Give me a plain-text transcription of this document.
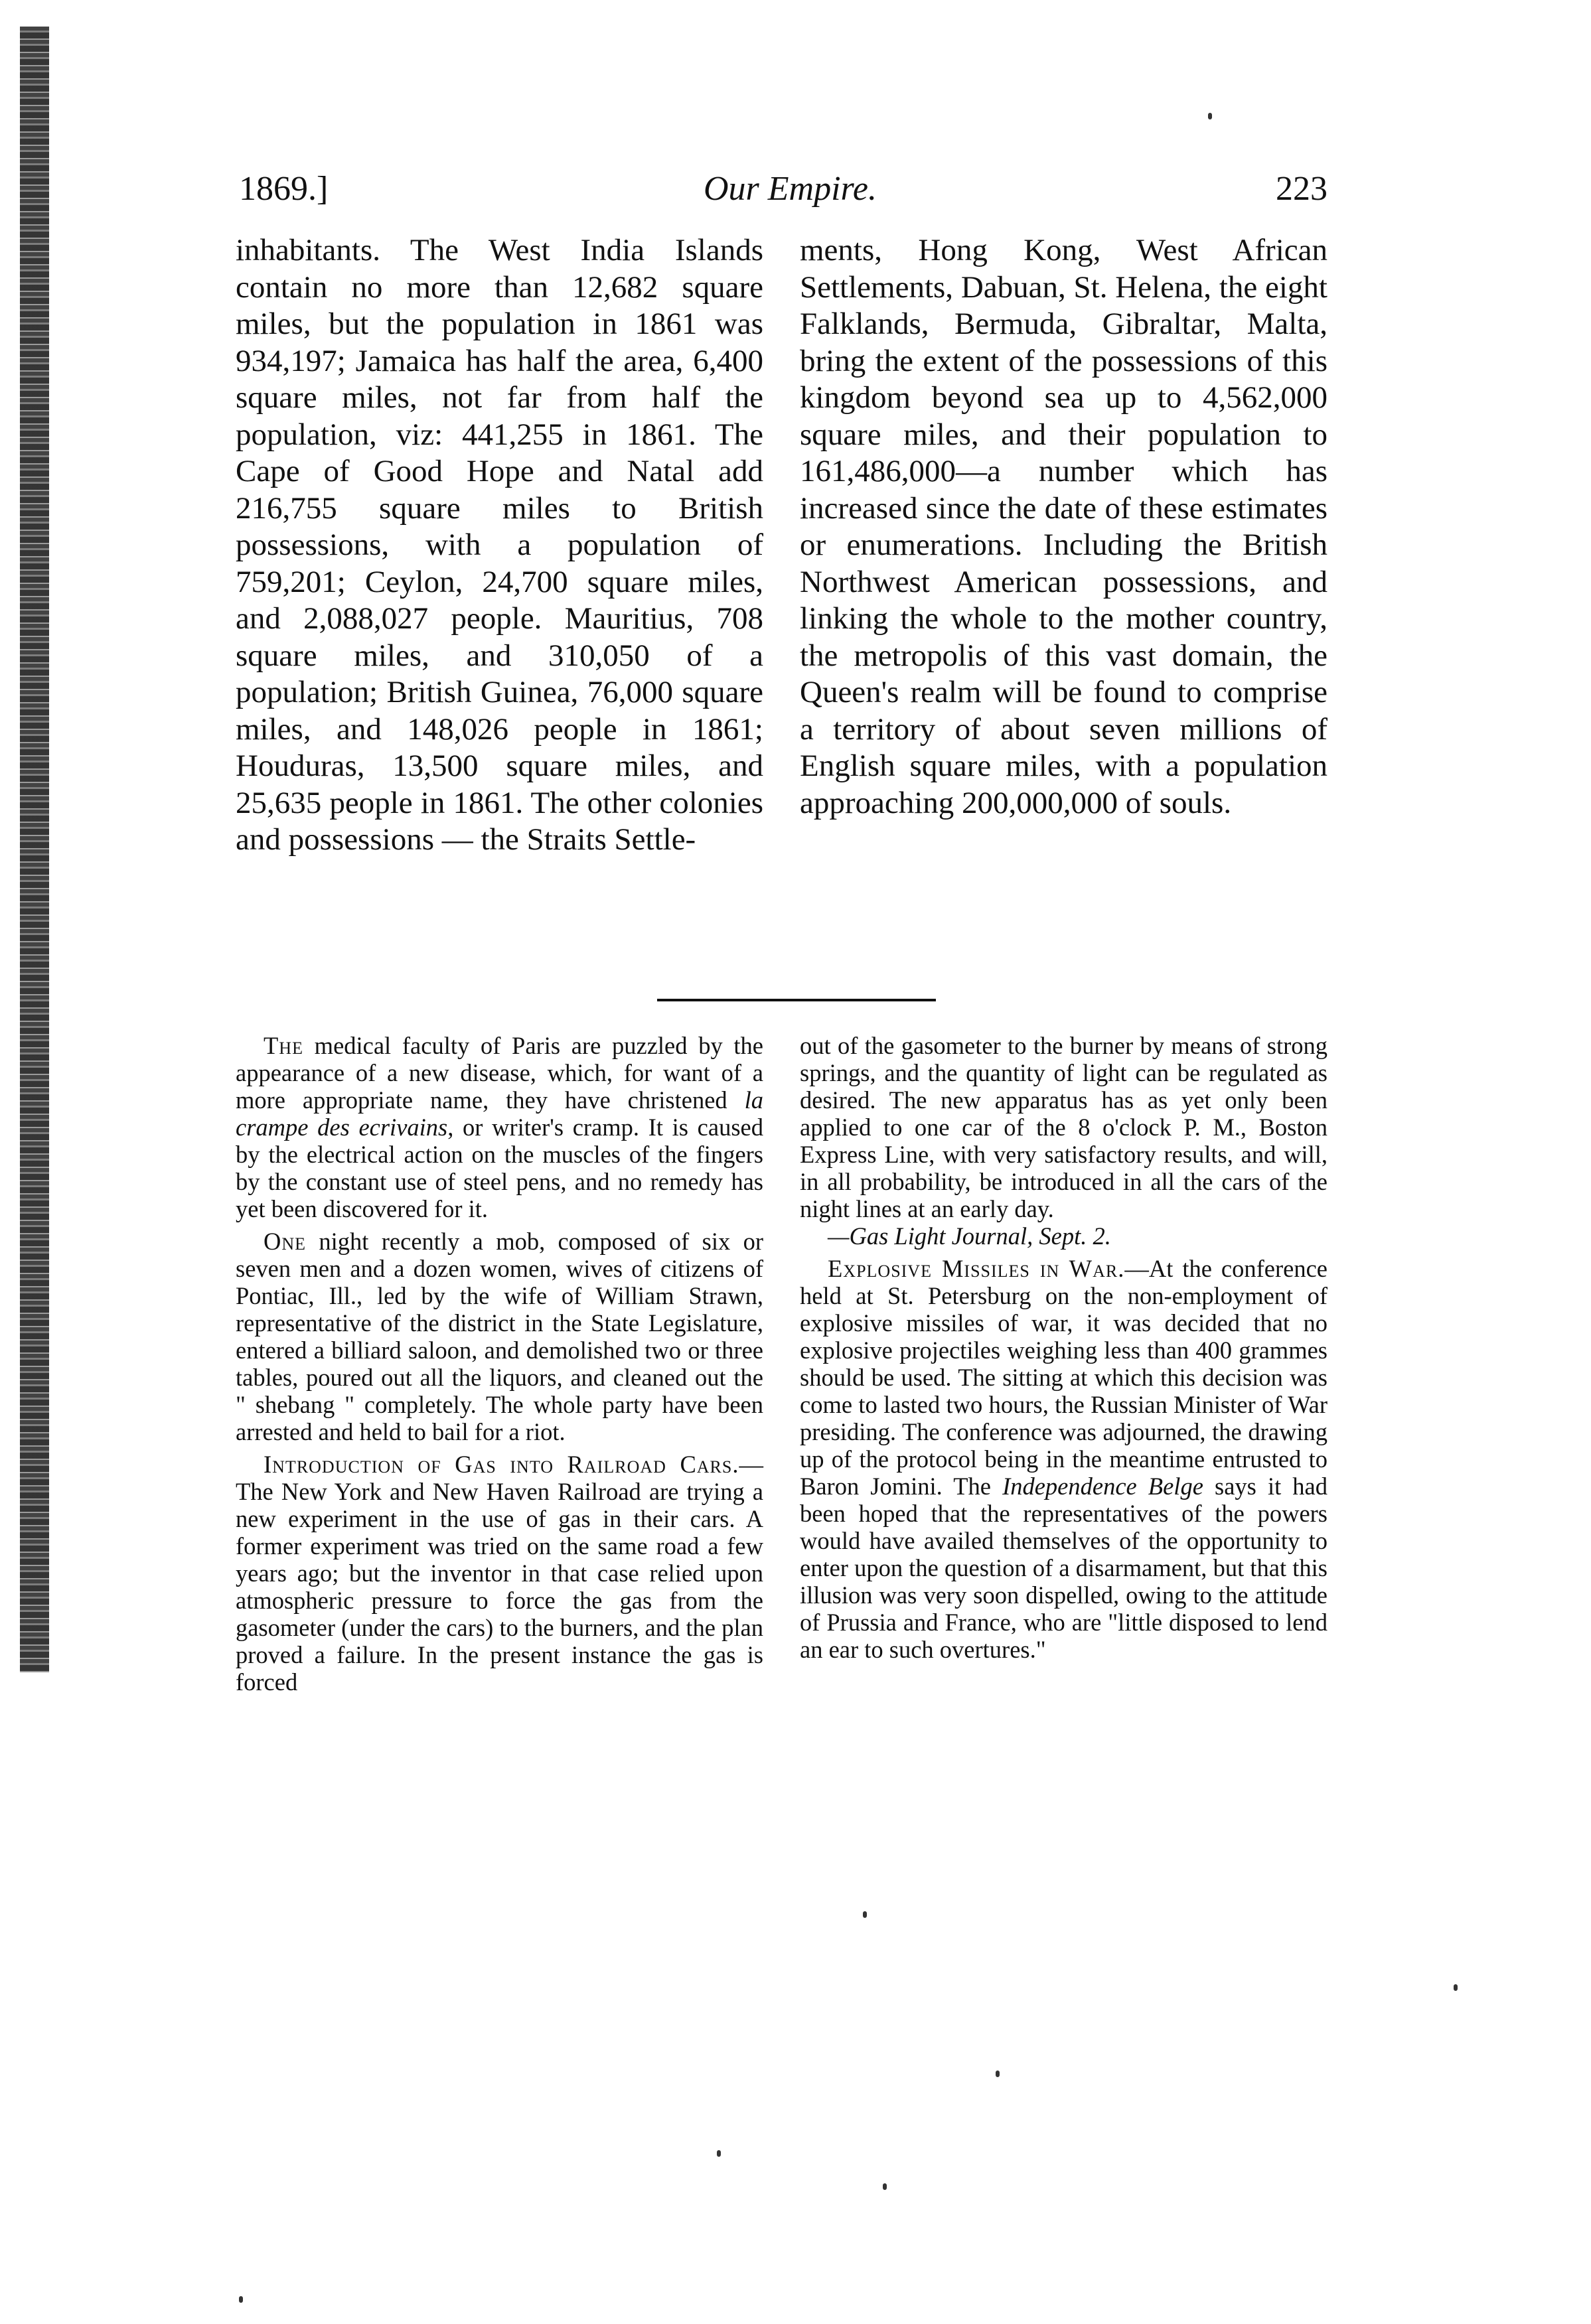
1869.]	Our Empire.	223
inhabitants. The West India Islands contain no more than 12,682 square miles, but the population in 1861 was 934,197; Jamaica has half the area, 6,400 square miles, not far from half the population, viz: 441,255 in 1861. The Cape of Good Hope and Natal add 216,755 square miles to British possessions, with a population of 759,201; Ceylon, 24,700 square miles, and 2,088,027 people. Mauritius, 708 square miles, and 310,050 of a population; British Guinea, 76,000 square miles, and 148,026 people in 1861; Houduras, 13,500 square miles, and 25,635 people in 1861. The other colonies and possessions — the Straits Settle-
ments, Hong Kong, West African Settlements, Dabuan, St. Helena, the eight Falklands, Bermuda, Gibraltar, Malta, bring the extent of the possessions of this kingdom beyond sea up to 4,562,000 square miles, and their population to 161,486,000—a number which has increased since the date of these estimates or enumerations. Including the British Northwest American possessions, and linking the whole to the mother country, the metropolis of this vast domain, the Queen's realm will be found to comprise a territory of about seven millions of English square miles, with a population approaching 200,000,000 of souls.

The medical faculty of Paris are puzzled by the appearance of a new disease, which, for want of a more appropriate name, they have christened la crampe des ecrivains, or writer's cramp. It is caused by the electrical action on the muscles of the fingers by the constant use of steel pens, and no remedy has yet been discovered for it.

One night recently a mob, composed of six or seven men and a dozen women, wives of citizens of Pontiac, Ill., led by the wife of William Strawn, representative of the district in the State Legislature, entered a billiard saloon, and demolished two or three tables, poured out all the liquors, and cleaned out the " shebang " completely. The whole party have been arrested and held to bail for a riot.

Introduction of Gas into Railroad Cars.—The New York and New Haven Railroad are trying a new experiment in the use of gas in their cars. A former experiment was tried on the same road a few years ago; but the inventor in that case relied upon atmospheric pressure to force the gas from the gasometer (under the cars) to the burners, and the plan proved a failure. In the present instance the gas is forced

out of the gasometer to the burner by means of strong springs, and the quantity of light can be regulated as desired. The new apparatus has as yet only been applied to one car of the 8 o'clock P. M., Boston Express Line, with very satisfactory results, and will, in all probability, be introduced in all the cars of the night lines at an early day.
—Gas Light Journal, Sept. 2.

Explosive Missiles in War.—At the conference held at St. Petersburg on the non-employment of explosive missiles of war, it was decided that no explosive projectiles weighing less than 400 grammes should be used. The sitting at which this decision was come to lasted two hours, the Russian Minister of War presiding. The conference was adjourned, the drawing up of the protocol being in the meantime entrusted to Baron Jomini. The Independence Belge says it had been hoped that the representatives of the powers would have availed themselves of the opportunity to enter upon the question of a disarmament, but that this illusion was very soon dispelled, owing to the attitude of Prussia and France, who are "little disposed to lend an ear to such overtures."
